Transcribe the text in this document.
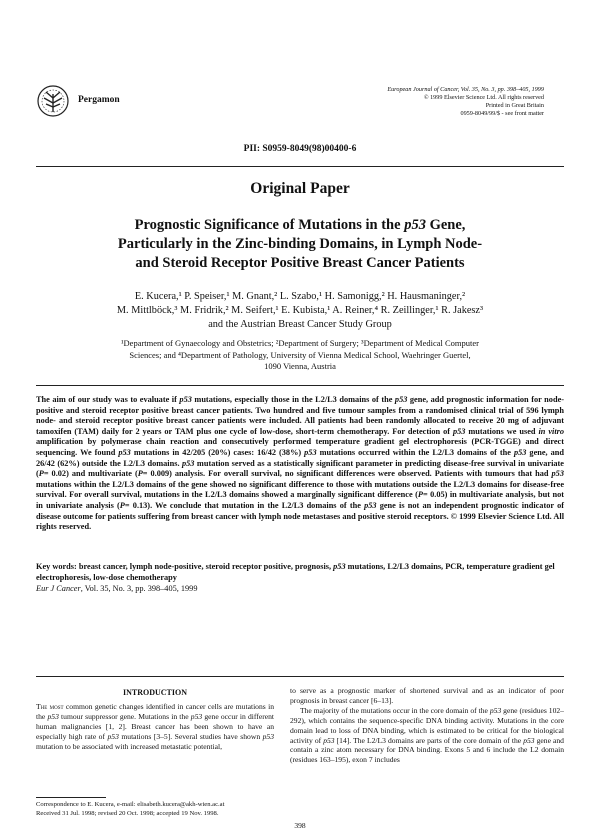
Pergamon
European Journal of Cancer, Vol. 35, No. 3, pp. 398–405, 1999
© 1999 Elsevier Science Ltd. All rights reserved
Printed in Great Britain
0959-8049/99/$ - see front matter
PII: S0959-8049(98)00400-6
Original Paper
Prognostic Significance of Mutations in the p53 Gene,
Particularly in the Zinc-binding Domains, in Lymph Node-
and Steroid Receptor Positive Breast Cancer Patients
E. Kucera,¹ P. Speiser,¹ M. Gnant,² L. Szabo,¹ H. Samonigg,² H. Hausmaninger,²
M. Mittlböck,³ M. Fridrik,² M. Seifert,¹ E. Kubista,¹ A. Reiner,⁴ R. Zeillinger,¹ R. Jakesz³
and the Austrian Breast Cancer Study Group
¹Department of Gynaecology and Obstetrics; ²Department of Surgery; ³Department of Medical Computer
Sciences; and ⁴Department of Pathology, University of Vienna Medical School, Waehringer Guertel,
1090 Vienna, Austria
The aim of our study was to evaluate if p53 mutations, especially those in the L2/L3 domains of the p53 gene, add prognostic information for node-positive and steroid receptor positive breast cancer patients. Two hundred and five tumour samples from a randomised clinical trial of 596 lymph node- and steroid receptor positive breast cancer patients were included. All patients had been randomly allocated to receive 20 mg of adjuvant tamoxifen (TAM) daily for 2 years or TAM plus one cycle of low-dose, short-term chemotherapy. For detection of p53 mutations we used in vitro amplification by polymerase chain reaction and consecutively performed temperature gradient gel electrophoresis (PCR-TGGE) and direct sequencing. We found p53 mutations in 42/205 (20%) cases: 16/42 (38%) p53 mutations occurred within the L2/L3 domains of the p53 gene, and 26/42 (62%) outside the L2/L3 domains. p53 mutation served as a statistically significant parameter in predicting disease-free survival in univariate (P= 0.02) and multivariate (P= 0.009) analysis. For overall survival, no significant differences were observed. Patients with tumours that had p53 mutations within the L2/L3 domains of the gene showed no significant difference to those with mutations outside the L2/L3 domains for disease-free survival. For overall survival, mutations in the L2/L3 domains showed a marginally significant difference (P= 0.05) in multivariate analysis, but not in univariate analysis (P= 0.13). We conclude that mutation in the L2/L3 domains of the p53 gene is not an independent prognostic indicator of disease outcome for patients suffering from breast cancer with lymph node metastases and positive steroid receptors. © 1999 Elsevier Science Ltd. All rights reserved.
Key words: breast cancer, lymph node-positive, steroid receptor positive, prognosis, p53 mutations, L2/L3 domains, PCR, temperature gradient gel electrophoresis, low-dose chemotherapy
Eur J Cancer, Vol. 35, No. 3, pp. 398–405, 1999
INTRODUCTION
The most common genetic changes identified in cancer cells are mutations in the p53 tumour suppressor gene. Mutations in the p53 gene occur in different human malignancies [1, 2]. Breast cancer has been shown to have an especially high rate of p53 mutations [3–5]. Several studies have shown p53 mutation to be associated with increased metastatic potential,
to serve as a prognostic marker of shortened survival and as an indicator of poor prognosis in breast cancer [6–13].
The majority of the mutations occur in the core domain of the p53 gene (residues 102–292), which contains the sequence-specific DNA binding activity. Mutations in the core domain lead to loss of DNA binding, which is estimated to be critical for the biological activity of p53 [14]. The L2/L3 domains are parts of the core domain of the p53 gene and contain a zinc atom necessary for DNA binding. Exons 5 and 6 include the L2 domain (residues 163–195), exon 7 includes
Correspondence to E. Kucera, e-mail: elisabeth.kucera@akh-wien.ac.at
Received 31 Jul. 1998; revised 20 Oct. 1998; accepted 19 Nov. 1998.
398
